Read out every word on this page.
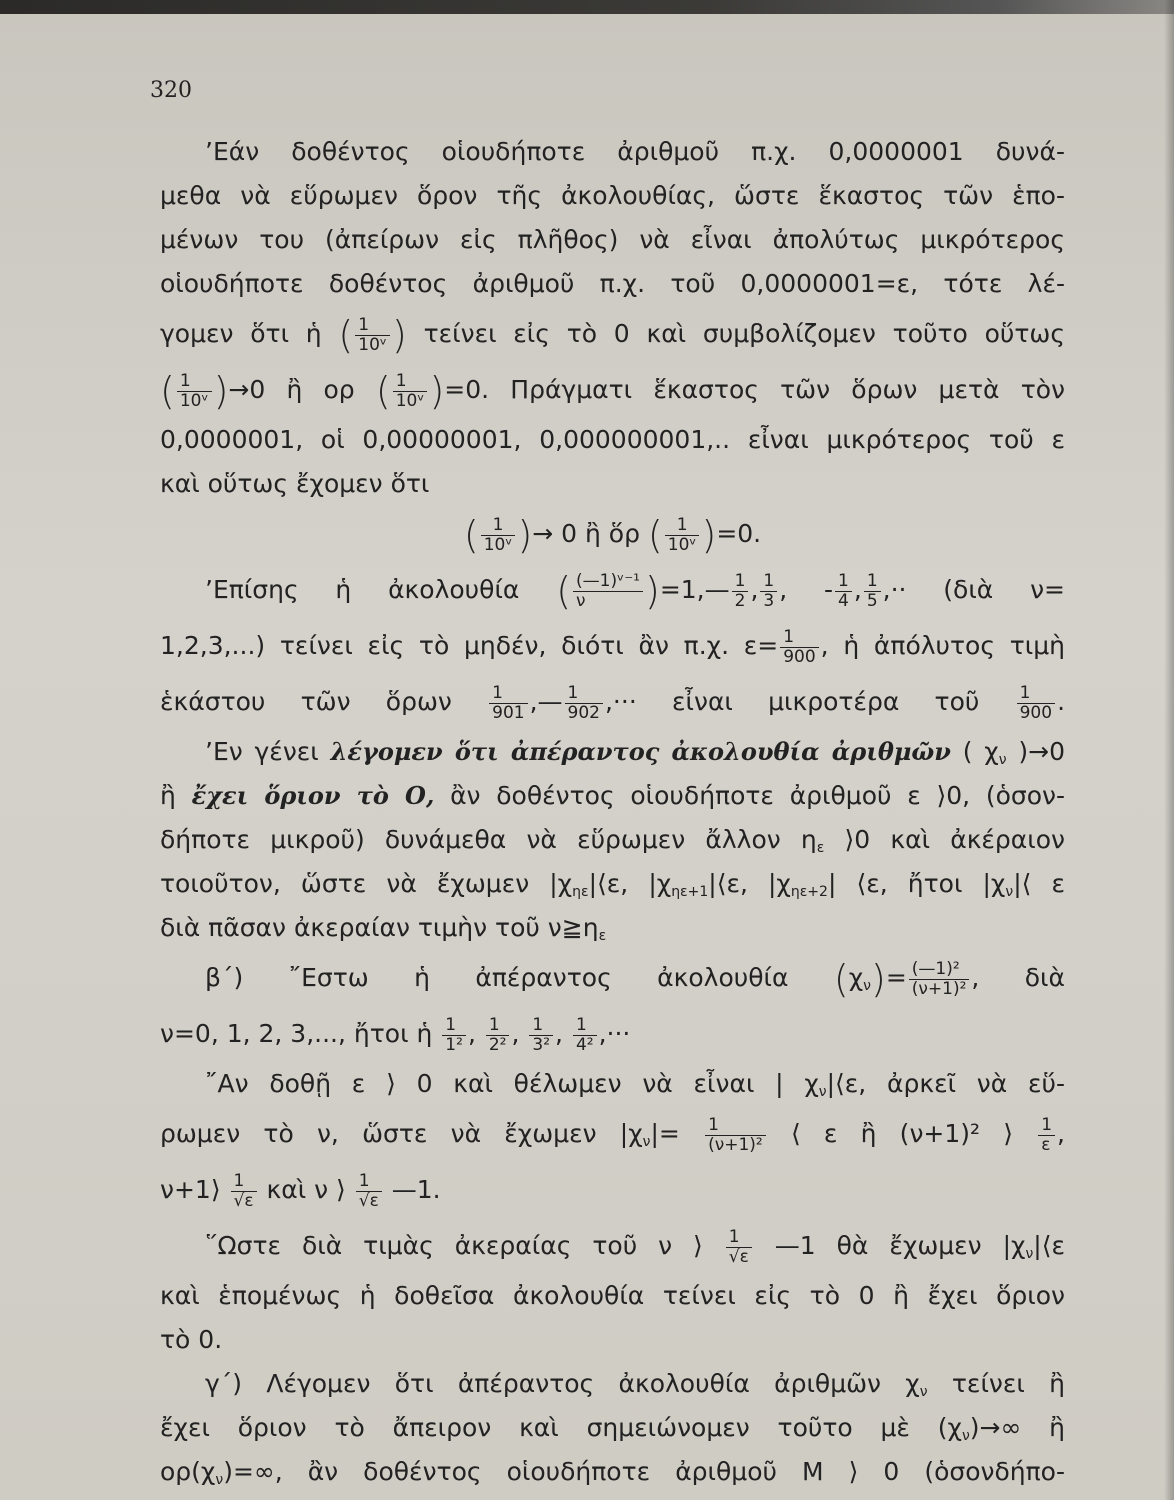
320
’Εάν δοθέντος οἱουδήποτε ἀριθμοῦ π.χ. 0,0000001 δυνά-
μεθα νὰ εὕρωμεν ὅρον τῆς ἀκολουθίας, ὥστε ἕκαστος τῶν ἑπο-
μένων του (ἀπείρων εἰς πλῆθος) νὰ εἶναι ἀπολύτως μικρότερος
οἱουδήποτε δοθέντος ἀριθμοῦ π.χ. τοῦ 0,0000001=ε, τότε λέ-
γομεν ὅτι ἡ ( $\frac{1}{\text{10ᵛ}}$ ) τείνει εἰς τὸ 0 καὶ συμβολίζομεν τοῦτο οὕτως
( $\frac{1}{\text{10ᵛ}} )\to 0$ ἢ ορ ( $\frac{1}{\text{10ᵛ}} )=0$. Πράγματι ἕκαστος τῶν ὅρων μετὰ τὸν
0,0000001, οἱ 0,00000001, 0,000000001,.. εἶναι μικρότερος τοῦ ε
καὶ οὕτως ἔχομεν ὅτι
( $\frac{1}{\text{10ᵛ}}$ )→ 0 ἢ ὅρ ( $\frac{1}{\text{10ᵛ}} )=0$.
’Επίσης ἡ ἀκολουθία ( $\frac{\text{(—1)ᵛ⁻¹}}{\nu}$ )=1,— $\frac{1}{2}$ , $\frac{1}{3}$ , - $\frac{1}{4}$ , $\frac{1}{5}$ ,·· (διὰ ν=
1,2,3,...) τείνει εἰς τὸ μηδέν, διότι ἂν π.χ. $\varepsilon= \frac{1}{900}$ , ἡ ἀπόλυτος τιμὴ
ἑκάστου τῶν ὅρων $\frac{1}{901}$ ,— $\frac{1}{902}$ ,··· εἶναι μικροτέρα τοῦ $\frac{1}{900}$ .
’Εν γένει λέγομεν ὅτι ἀπέραντος ἀκολουθία ἀριθμῶν ( $\chi_\nu$ )→0
ἢ ἔχει ὅριον τὸ Ο, ἂν δοθέντος οἱουδήποτε ἀριθμοῦ ε ⟩0, (ὁσον-
δήποτε μικροῦ) δυνάμεθα νὰ εὕρωμεν ἄλλον $\eta_\varepsilon$ ⟩0 καὶ ἀκέραιον
τοιοῦτον, ὥστε νὰ ἔχωμεν $|\chi_{\eta\varepsilon}|⟨\varepsilon$, $|\chi_{\eta\varepsilon+1}|⟨\varepsilon$, $|\chi_{\eta\varepsilon+2}|$ ⟨ε, ἤτοι $|\chi_\nu|⟨$ ε
διὰ πᾶσαν ἀκεραίαν τιμὴν τοῦ $\nu≧\eta_\varepsilon$
β΄) ῎Εστω ἡ ἀπέραντος ἀκολουθία $(\chi_\nu)= \frac{\text{(—1)²}}{\text{(ν+1)²}}$ , διὰ
ν=0, 1, 2, 3,..., ἤτοι ἡ $\frac{1}{\text{1²}}$ , $\frac{1}{\text{2²}}$ , $\frac{1}{\text{3²}}$ , $\frac{1}{\text{4²}}$ ,···
῎Αν δοθῇ ε ⟩ 0 καὶ θέλωμεν νὰ εἶναι | $\chi_\nu|⟨\varepsilon$, ἀρκεῖ νὰ εὕ-
ρωμεν τὸ ν, ὥστε νὰ ἔχωμεν $|\chi_\nu|= \frac{1}{\text{(ν+1)²}}$ ⟨ ε ἢ (ν+1)² ⟩ $\frac{1}{\varepsilon}$ ,
ν+1⟩ $\frac{1}{√\varepsilon}$ καὶ ν ⟩ $\frac{1}{√\varepsilon}$ —1.
῞Ωστε διὰ τιμὰς ἀκεραίας τοῦ ν ⟩ $\frac{1}{√\varepsilon}$ —1 θὰ ἔχωμεν $|\chi_\nu|⟨\varepsilon$
καὶ ἑπομένως ἡ δοθεῖσα ἀκολουθία τείνει εἰς τὸ 0 ἢ ἔχει ὅριον
τὸ 0.
γ΄) Λέγομεν ὅτι ἀπέραντος ἀκολουθία ἀριθμῶν $\chi_\nu$ τείνει ἢ
ἔχει ὅριον τὸ ἄπειρον καὶ σημειώνομεν τοῦτο μὲ $(\chi_\nu)\to\infty$ ἢ
$o\rho(\chi_\nu)=\infty$, ἂν δοθέντος οἱουδήποτε ἀριθμοῦ Μ ⟩ 0 (ὁσονδήπο-
